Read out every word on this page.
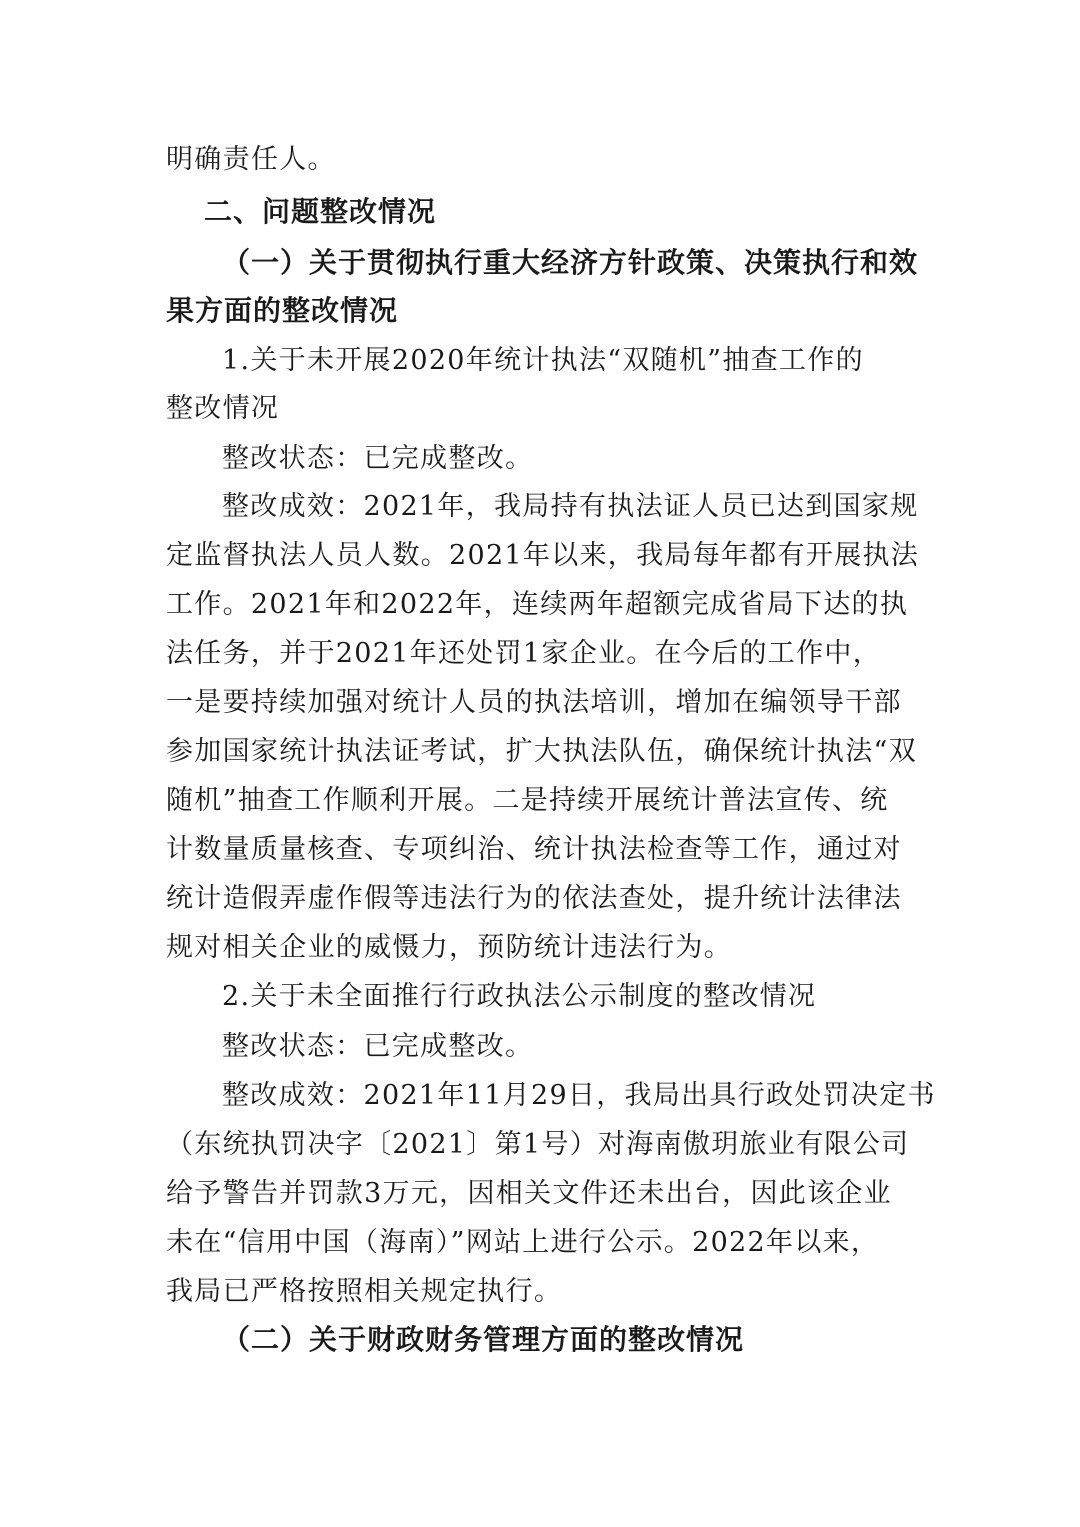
明确责任人。
二、问题整改情况
（一）关于贯彻执行重大经济方针政策、决策执行和效
果方面的整改情况
1.关于未开展2020年统计执法“双随机”抽查工作的
整改情况
整改状态：已完成整改。
整改成效：2021年，我局持有执法证人员已达到国家规
定监督执法人员人数。2021年以来，我局每年都有开展执法
工作。2021年和2022年，连续两年超额完成省局下达的执
法任务，并于2021年还处罚1家企业。在今后的工作中，
一是要持续加强对统计人员的执法培训，增加在编领导干部
参加国家统计执法证考试，扩大执法队伍，确保统计执法“双
随机”抽查工作顺利开展。二是持续开展统计普法宣传、统
计数量质量核查、专项纠治、统计执法检查等工作，通过对
统计造假弄虚作假等违法行为的依法查处，提升统计法律法
规对相关企业的威慑力，预防统计违法行为。
2.关于未全面推行行政执法公示制度的整改情况
整改状态：已完成整改。
整改成效：2021年11月29日，我局出具行政处罚决定书
（东统执罚决字〔2021〕第1号）对海南傲玥旅业有限公司
给予警告并罚款3万元，因相关文件还未出台，因此该企业
未在“信用中国（海南）”网站上进行公示。2022年以来，
我局已严格按照相关规定执行。
（二）关于财政财务管理方面的整改情况
